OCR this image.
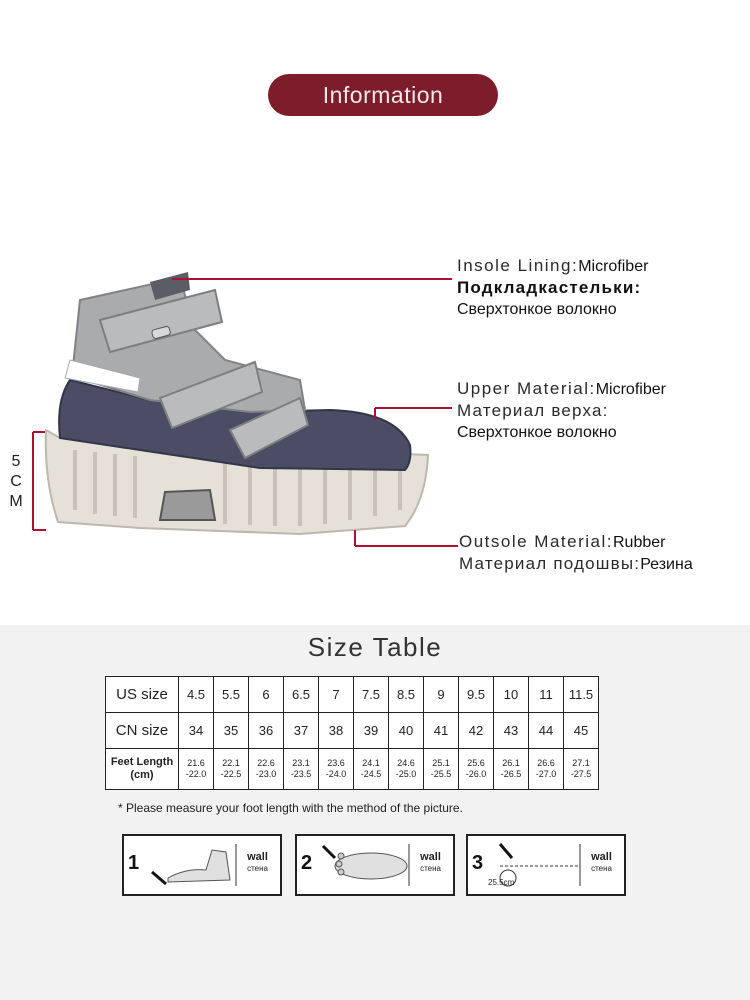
Information
5CM
Insole Lining:Microfiber
Подкладкастельки:
Сверхтонкое волокно
Upper Material:Microfiber
Материал верха:
Сверхтонкое волокно
Outsole Material:Rubber
Материал подошвы:Резина
Size Table
US size	4.5	5.5	6	6.5	7	7.5	8.5	9	9.5	10	11	11.5
CN size	34	35	36	37	38	39	40	41	42	43	44	45
Feet Length (cm)	21.6 -22.0	22.1 -22.5	22.6 -23.0	23.1 -23.5	23.6 -24.0	24.1 -24.5	24.6 -25.0	25.1 -25.5	25.6 -26.0	26.1 -26.5	26.6 -27.0	27.1 -27.5
* Please measure your foot length with the method of the picture.
1	wall
стена 2	wall
стена 3
25.5cm
wall
стена
